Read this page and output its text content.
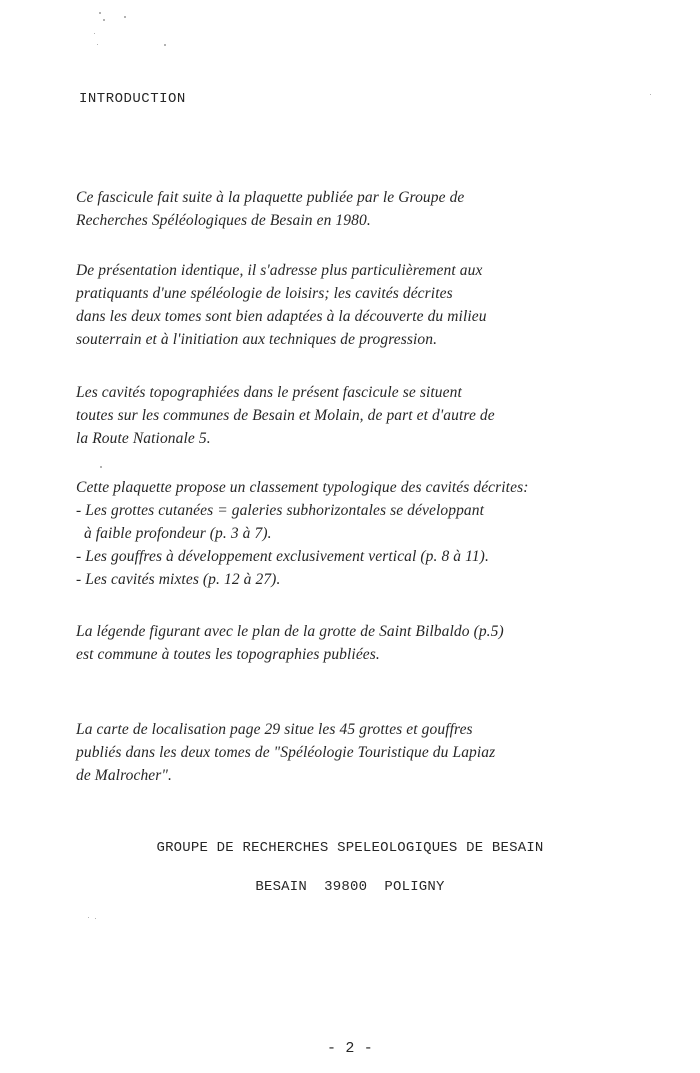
INTRODUCTION
Ce fascicule fait suite à la plaquette publiée par le Groupe de
Recherches Spéléologiques de Besain en 1980.
De présentation identique, il s'adresse plus particulièrement aux
pratiquants d'une spéléologie de loisirs; les cavités décrites
dans les deux tomes sont bien adaptées à la découverte du milieu
souterrain et à l'initiation aux techniques de progression.
Les cavités topographiées dans le présent fascicule se situent
toutes sur les communes de Besain et Molain, de part et d'autre de
la Route Nationale 5.
Cette plaquette propose un classement typologique des cavités décrites:
- Les grottes cutanées = galeries subhorizontales se développant
à faible profondeur (p. 3 à 7).
- Les gouffres à développement exclusivement vertical (p. 8 à 11).
- Les cavités mixtes (p. 12 à 27).
La légende figurant avec le plan de la grotte de Saint Bilbaldo (p.5)
est commune à toutes les topographies publiées.
La carte de localisation page 29 situe les 45 grottes et gouffres
publiés dans les deux tomes de "Spéléologie Touristique du Lapiaz
de Malrocher".
GROUPE DE RECHERCHES SPELEOLOGIQUES DE BESAIN
BESAIN  39800  POLIGNY
- 2 -
